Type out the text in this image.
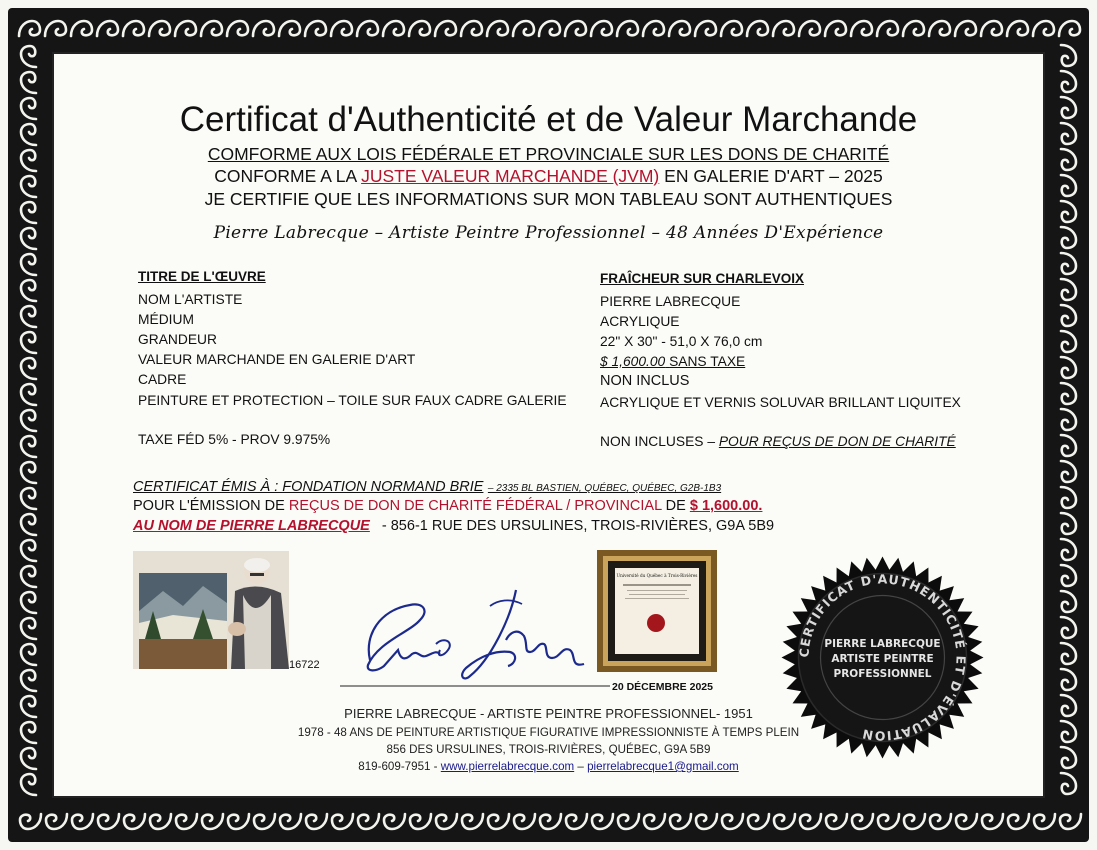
Certificat d'Authenticité et de Valeur Marchande
COMFORME AUX LOIS FÉDÉRALE ET PROVINCIALE SUR LES DONS DE CHARITÉ
CONFORME A LA JUSTE VALEUR MARCHANDE (JVM) EN GALERIE D'ART – 2025
JE CERTIFIE QUE LES INFORMATIONS SUR MON TABLEAU SONT AUTHENTIQUES
Pierre Labrecque – Artiste Peintre Professionnel – 48 Années D'Expérience
TITRE DE L'ŒUVRE
NOM L'ARTISTE
MÉDIUM
GRANDEUR
VALEUR MARCHANDE EN GALERIE D'ART
CADRE
PEINTURE ET PROTECTION – TOILE SUR FAUX CADRE GALERIE
TAXE FÉD 5% - PROV 9.975%
FRAÎCHEUR SUR CHARLEVOIX
PIERRE LABRECQUE
ACRYLIQUE
22" X 30" - 51,0 X 76,0 cm
$ 1,600.00 SANS TAXE
NON INCLUS
ACRYLIQUE ET VERNIS SOLUVAR BRILLANT LIQUITEX
NON INCLUSES – POUR REÇUS DE DON DE CHARITÉ
CERTIFICAT ÉMIS À : FONDATION NORMAND BRIE – 2335 BL BASTIEN, QUÉBEC, QUÉBEC, G2B-1B3
POUR L'ÉMISSION DE REÇUS DE DON DE CHARITÉ FÉDÉRAL / PROVINCIAL DE $ 1,600.00.
AU NOM DE PIERRE LABRECQUE - 856-1 RUE DES URSULINES, TROIS-RIVIÈRES, G9A 5B9
16722
20 DÉCEMBRE 2025
Université du Québec à Trois-Rivières
CERTIFICAT D'AUTHENTICITÉ ET D'ÉVALUATION
PIERRE LABRECQUE
ARTISTE PEINTRE
PROFESSIONNEL
PIERRE LABRECQUE - ARTISTE PEINTRE PROFESSIONNEL- 1951
1978 - 48 ANS DE PEINTURE ARTISTIQUE FIGURATIVE IMPRESSIONNISTE À TEMPS PLEIN
856 DES URSULINES, TROIS-RIVIÈRES, QUÉBEC, G9A 5B9
819-609-7951 - www.pierrelabrecque.com – pierrelabrecque1@gmail.com
